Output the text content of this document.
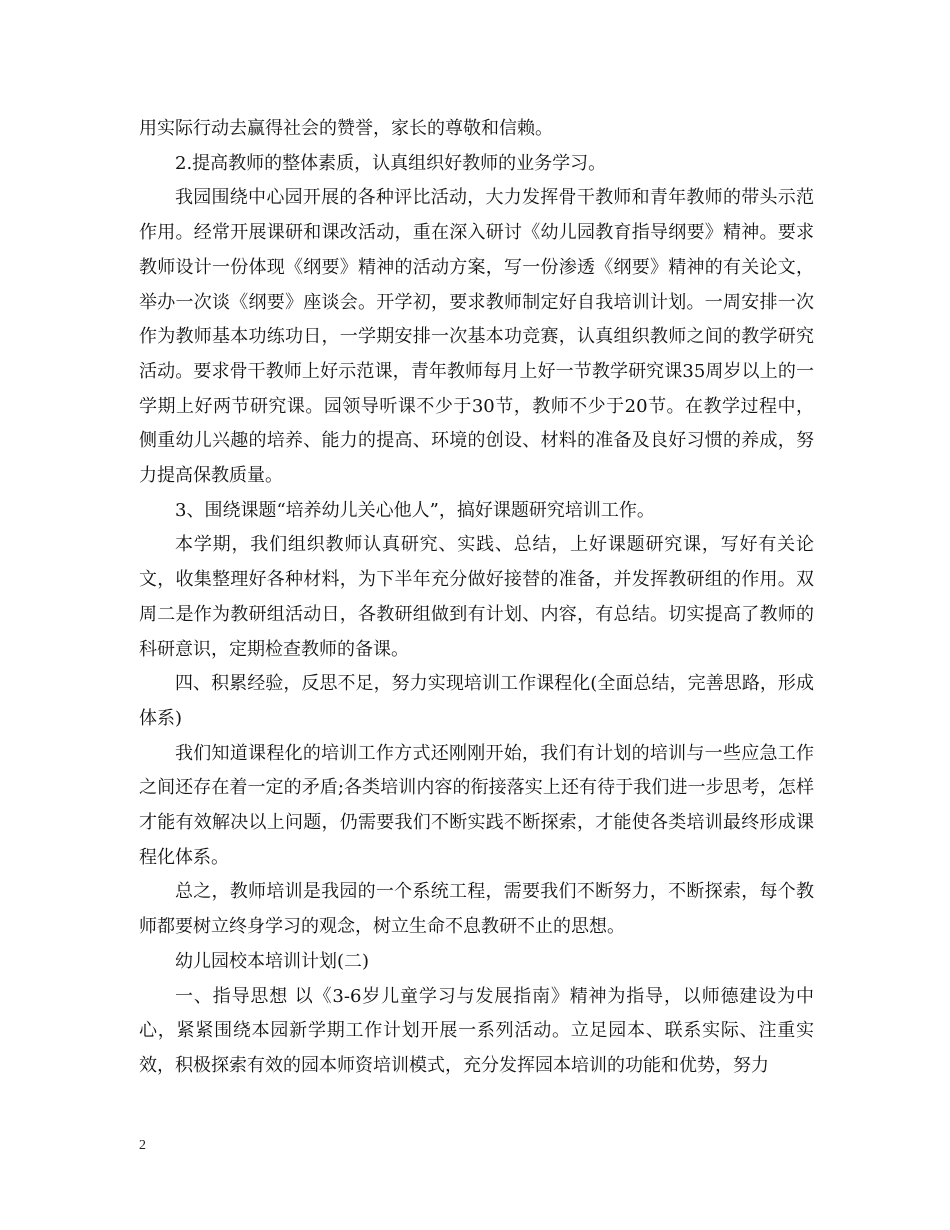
用实际行动去赢得社会的赞誉，家长的尊敬和信赖。

2.提高教师的整体素质，认真组织好教师的业务学习。

我园围绕中心园开展的各种评比活动，大力发挥骨干教师和青年教师的带头示范作用。经常开展课研和课改活动，重在深入研讨《幼儿园教育指导纲要》精神。要求教师设计一份体现《纲要》精神的活动方案，写一份渗透《纲要》精神的有关论文，举办一次谈《纲要》座谈会。开学初，要求教师制定好自我培训计划。一周安排一次作为教师基本功练功日，一学期安排一次基本功竞赛，认真组织教师之间的教学研究活动。要求骨干教师上好示范课，青年教师每月上好一节教学研究课35周岁以上的一学期上好两节研究课。园领导听课不少于30节，教师不少于20节。在教学过程中，侧重幼儿兴趣的培养、能力的提高、环境的创设、材料的准备及良好习惯的养成，努力提高保教质量。

3、围绕课题“培养幼儿关心他人”，搞好课题研究培训工作。

本学期，我们组织教师认真研究、实践、总结，上好课题研究课，写好有关论文，收集整理好各种材料，为下半年充分做好接替的准备，并发挥教研组的作用。双周二是作为教研组活动日，各教研组做到有计划、内容，有总结。切实提高了教师的科研意识，定期检查教师的备课。

四、积累经验，反思不足，努力实现培训工作课程化(全面总结，完善思路，形成体系)

我们知道课程化的培训工作方式还刚刚开始，我们有计划的培训与一些应急工作之间还存在着一定的矛盾;各类培训内容的衔接落实上还有待于我们进一步思考，怎样才能有效解决以上问题，仍需要我们不断实践不断探索，才能使各类培训最终形成课程化体系。

总之，教师培训是我园的一个系统工程，需要我们不断努力，不断探索，每个教师都要树立终身学习的观念，树立生命不息教研不止的思想。

幼儿园校本培训计划(二)

一、指导思想 以《3-6岁儿童学习与发展指南》精神为指导，以师德建设为中心，紧紧围绕本园新学期工作计划开展一系列活动。立足园本、联系实际、注重实效，积极探索有效的园本师资培训模式，充分发挥园本培训的功能和优势，努力

2
